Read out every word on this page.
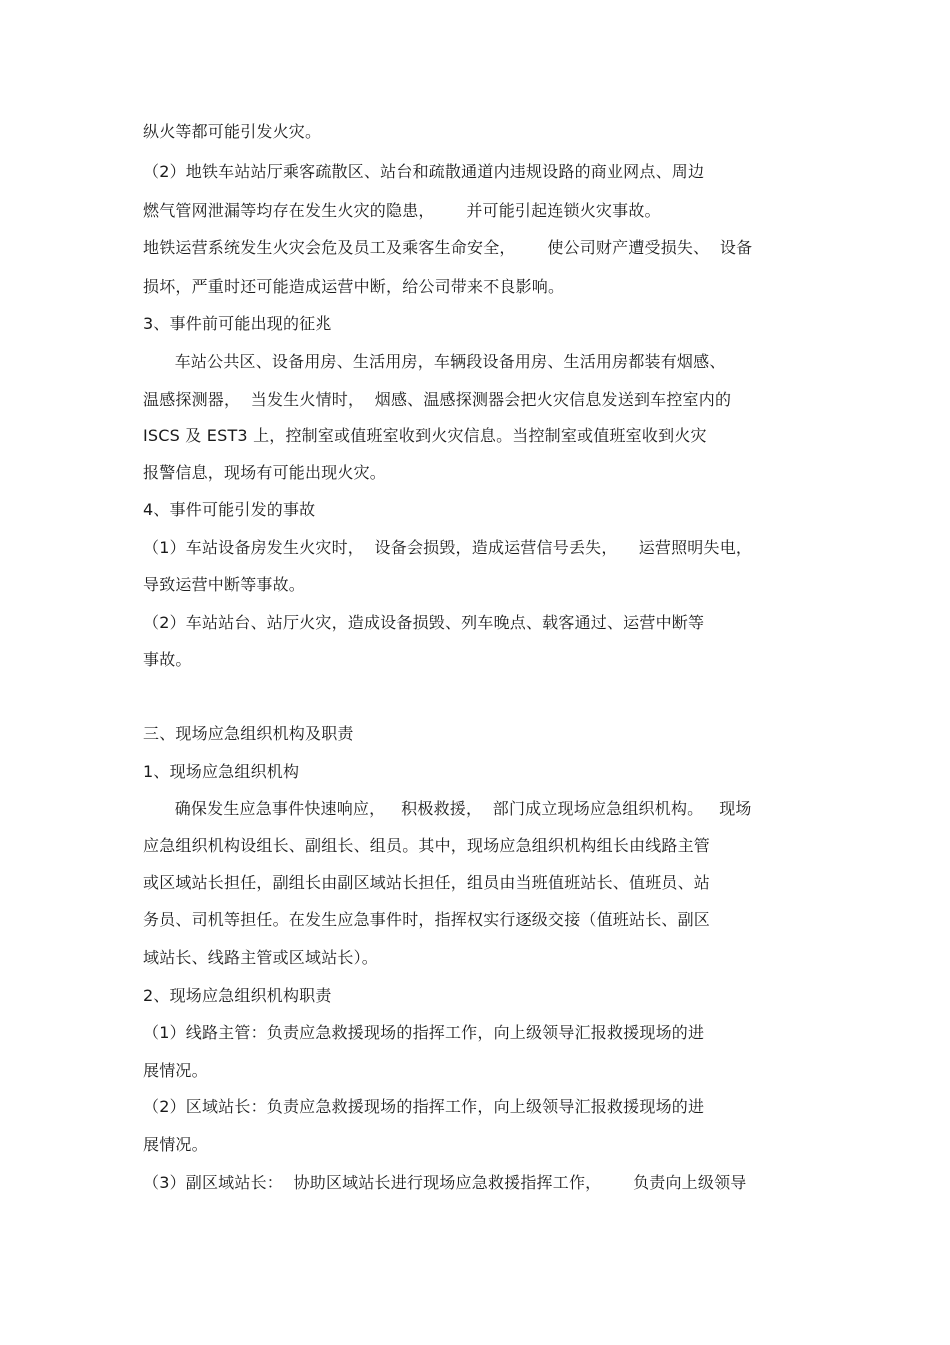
纵火等都可能引发火灾。
（2）地铁车站站厅乘客疏散区、站台和疏散通道内违规设路的商业网点、周边
燃气管网泄漏等均存在发生火灾的隐患，      并可能引起连锁火灾事故。
地铁运营系统发生火灾会危及员工及乘客生命安全，      使公司财产遭受损失、  设备
损坏，严重时还可能造成运营中断，给公司带来不良影响。
3、事件前可能出现的征兆
车站公共区、设备用房、生活用房，车辆段设备用房、生活用房都装有烟感、
温感探测器，  当发生火情时，  烟感、温感探测器会把火灾信息发送到车控室内的
ISCS 及 EST3 上，控制室或值班室收到火灾信息。当控制室或值班室收到火灾
报警信息，现场有可能出现火灾。
4、事件可能引发的事故
（1）车站设备房发生火灾时，  设备会损毁，造成运营信号丢失，    运营照明失电，
导致运营中断等事故。
（2）车站站台、站厅火灾，造成设备损毁、列车晚点、载客通过、运营中断等
事故。
三、现场应急组织机构及职责
1、现场应急组织机构
确保发生应急事件快速响应，   积极救援，  部门成立现场应急组织机构。   现场
应急组织机构设组长、副组长、组员。其中，现场应急组织机构组长由线路主管
或区域站长担任，副组长由副区域站长担任，组员由当班值班站长、值班员、站
务员、司机等担任。在发生应急事件时，指挥权实行逐级交接（值班站长、副区
域站长、线路主管或区域站长）。
2、现场应急组织机构职责
（1）线路主管：负责应急救援现场的指挥工作，向上级领导汇报救援现场的进
展情况。
（2）区域站长：负责应急救援现场的指挥工作，向上级领导汇报救援现场的进
展情况。
（3）副区域站长：  协助区域站长进行现场应急救援指挥工作，      负责向上级领导
